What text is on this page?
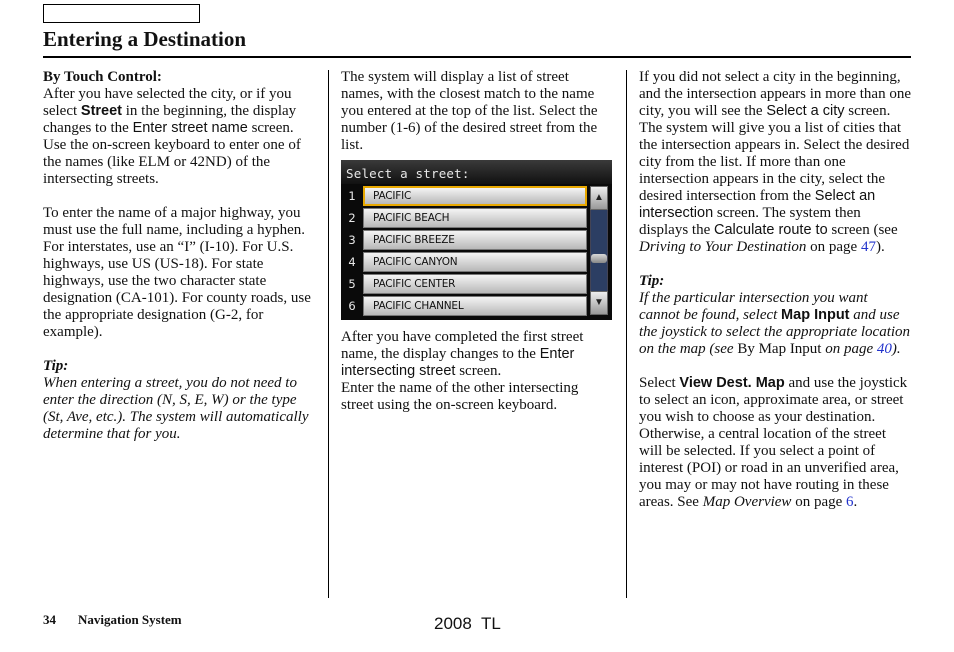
Entering a Destination

By Touch Control:

After you have selected the city, or if you select Street in the beginning, the display changes to the Enter street name screen. Use the on-screen keyboard to enter one of the names (like ELM or 42ND) of the intersecting streets.

To enter the name of a major highway, you must use the full name, including a hyphen. For interstates, use an “I” (I-10). For U.S. highways, use US (US-18). For state highways, use the two character state designation (CA-101). For county roads, use the appropriate designation (G-2, for example).

Tip:

When entering a street, you do not need to enter the direction (N, S, E, W) or the type (St, Ave, etc.). The system will automatically determine that for you.

The system will display a list of street names, with the closest match to the name you entered at the top of the list. Select the number (1-6) of the desired street from the list.

Select a street:
1	PACIFIC
2	PACIFIC BEACH
3	PACIFIC BREEZE
4	PACIFIC CANYON
5	PACIFIC CENTER
6	PACIFIC CHANNEL
▲
▼

After you have completed the first street name, the display changes to the Enter intersecting street screen.

Enter the name of the other intersecting street using the on-screen keyboard.

If you did not select a city in the beginning, and the intersection appears in more than one city, you will see the Select a city screen. The system will give you a list of cities that the intersection appears in. Select the desired city from the list. If more than one intersection appears in the city, select the desired intersection from the Select an intersection screen. The system then displays the Calculate route to screen (see Driving to Your Destination on page 47).

Tip:

If the particular intersection you want cannot be found, select Map Input and use the joystick to select the appropriate location on the map (see By Map Input on page 40).

Select View Dest. Map and use the joystick to select an icon, approximate area, or street you wish to choose as your destination. Otherwise, a central location of the street will be selected. If you select a point of interest (POI) or road in an unverified area, you may or may not have routing in these areas. See Map Overview on page 6.

34 Navigation System	2008  TL
